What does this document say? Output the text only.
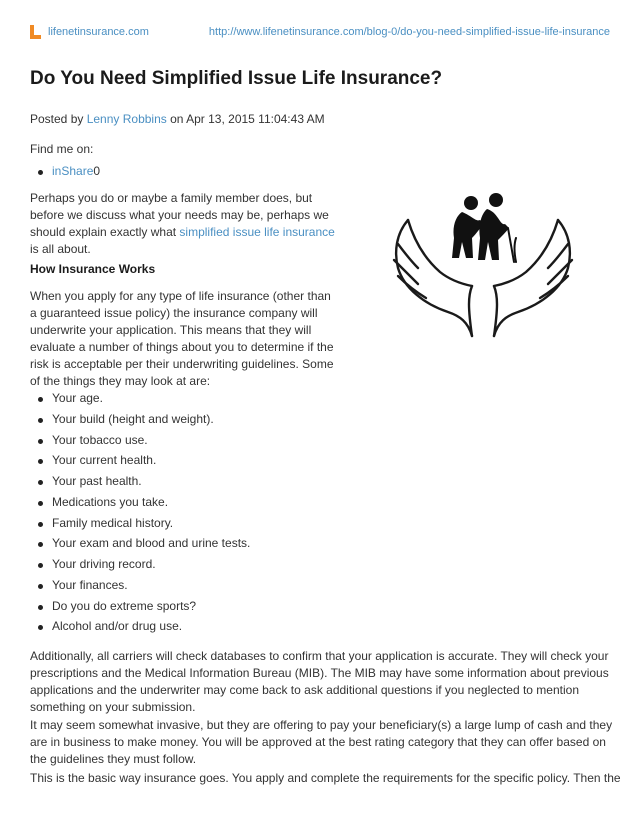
lifenetinsurance.com	http://www.lifenetinsurance.com/blog-0/do-you-need-simplified-issue-life-insurance
Do You Need Simplified Issue Life Insurance?
Posted by Lenny Robbins on Apr 13, 2015 11:04:43 AM
Find me on:
inShare0

Perhaps you do or maybe a family member does, but before we discuss what your needs may be, perhaps we should explain exactly what simplified issue life insurance is all about.

How Insurance Works

When you apply for any type of life insurance (other than a guaranteed issue policy) the insurance company will underwrite your application. This means that they will evaluate a number of things about you to determine if the risk is acceptable per their underwriting guidelines. Some of the things they may look at are:

Your age.
Your build (height and weight).
Your tobacco use.
Your current health.
Your past health.
Medications you take.
Family medical history.
Your exam and blood and urine tests.
Your driving record.
Your finances.
Do you do extreme sports?
Alcohol and/or drug use.

Additionally, all carriers will check databases to confirm that your application is accurate. They will check your prescriptions and the Medical Information Bureau (MIB). The MIB may have some information about previous applications and the underwriter may come back to ask additional questions if you neglected to mention something on your submission.

It may seem somewhat invasive, but they are offering to pay your beneficiary(s) a large lump of cash and they are in business to make money. You will be approved at the best rating category that they can offer based on the guidelines they must follow.

This is the basic way insurance goes. You apply and complete the requirements for the specific policy. Then the
